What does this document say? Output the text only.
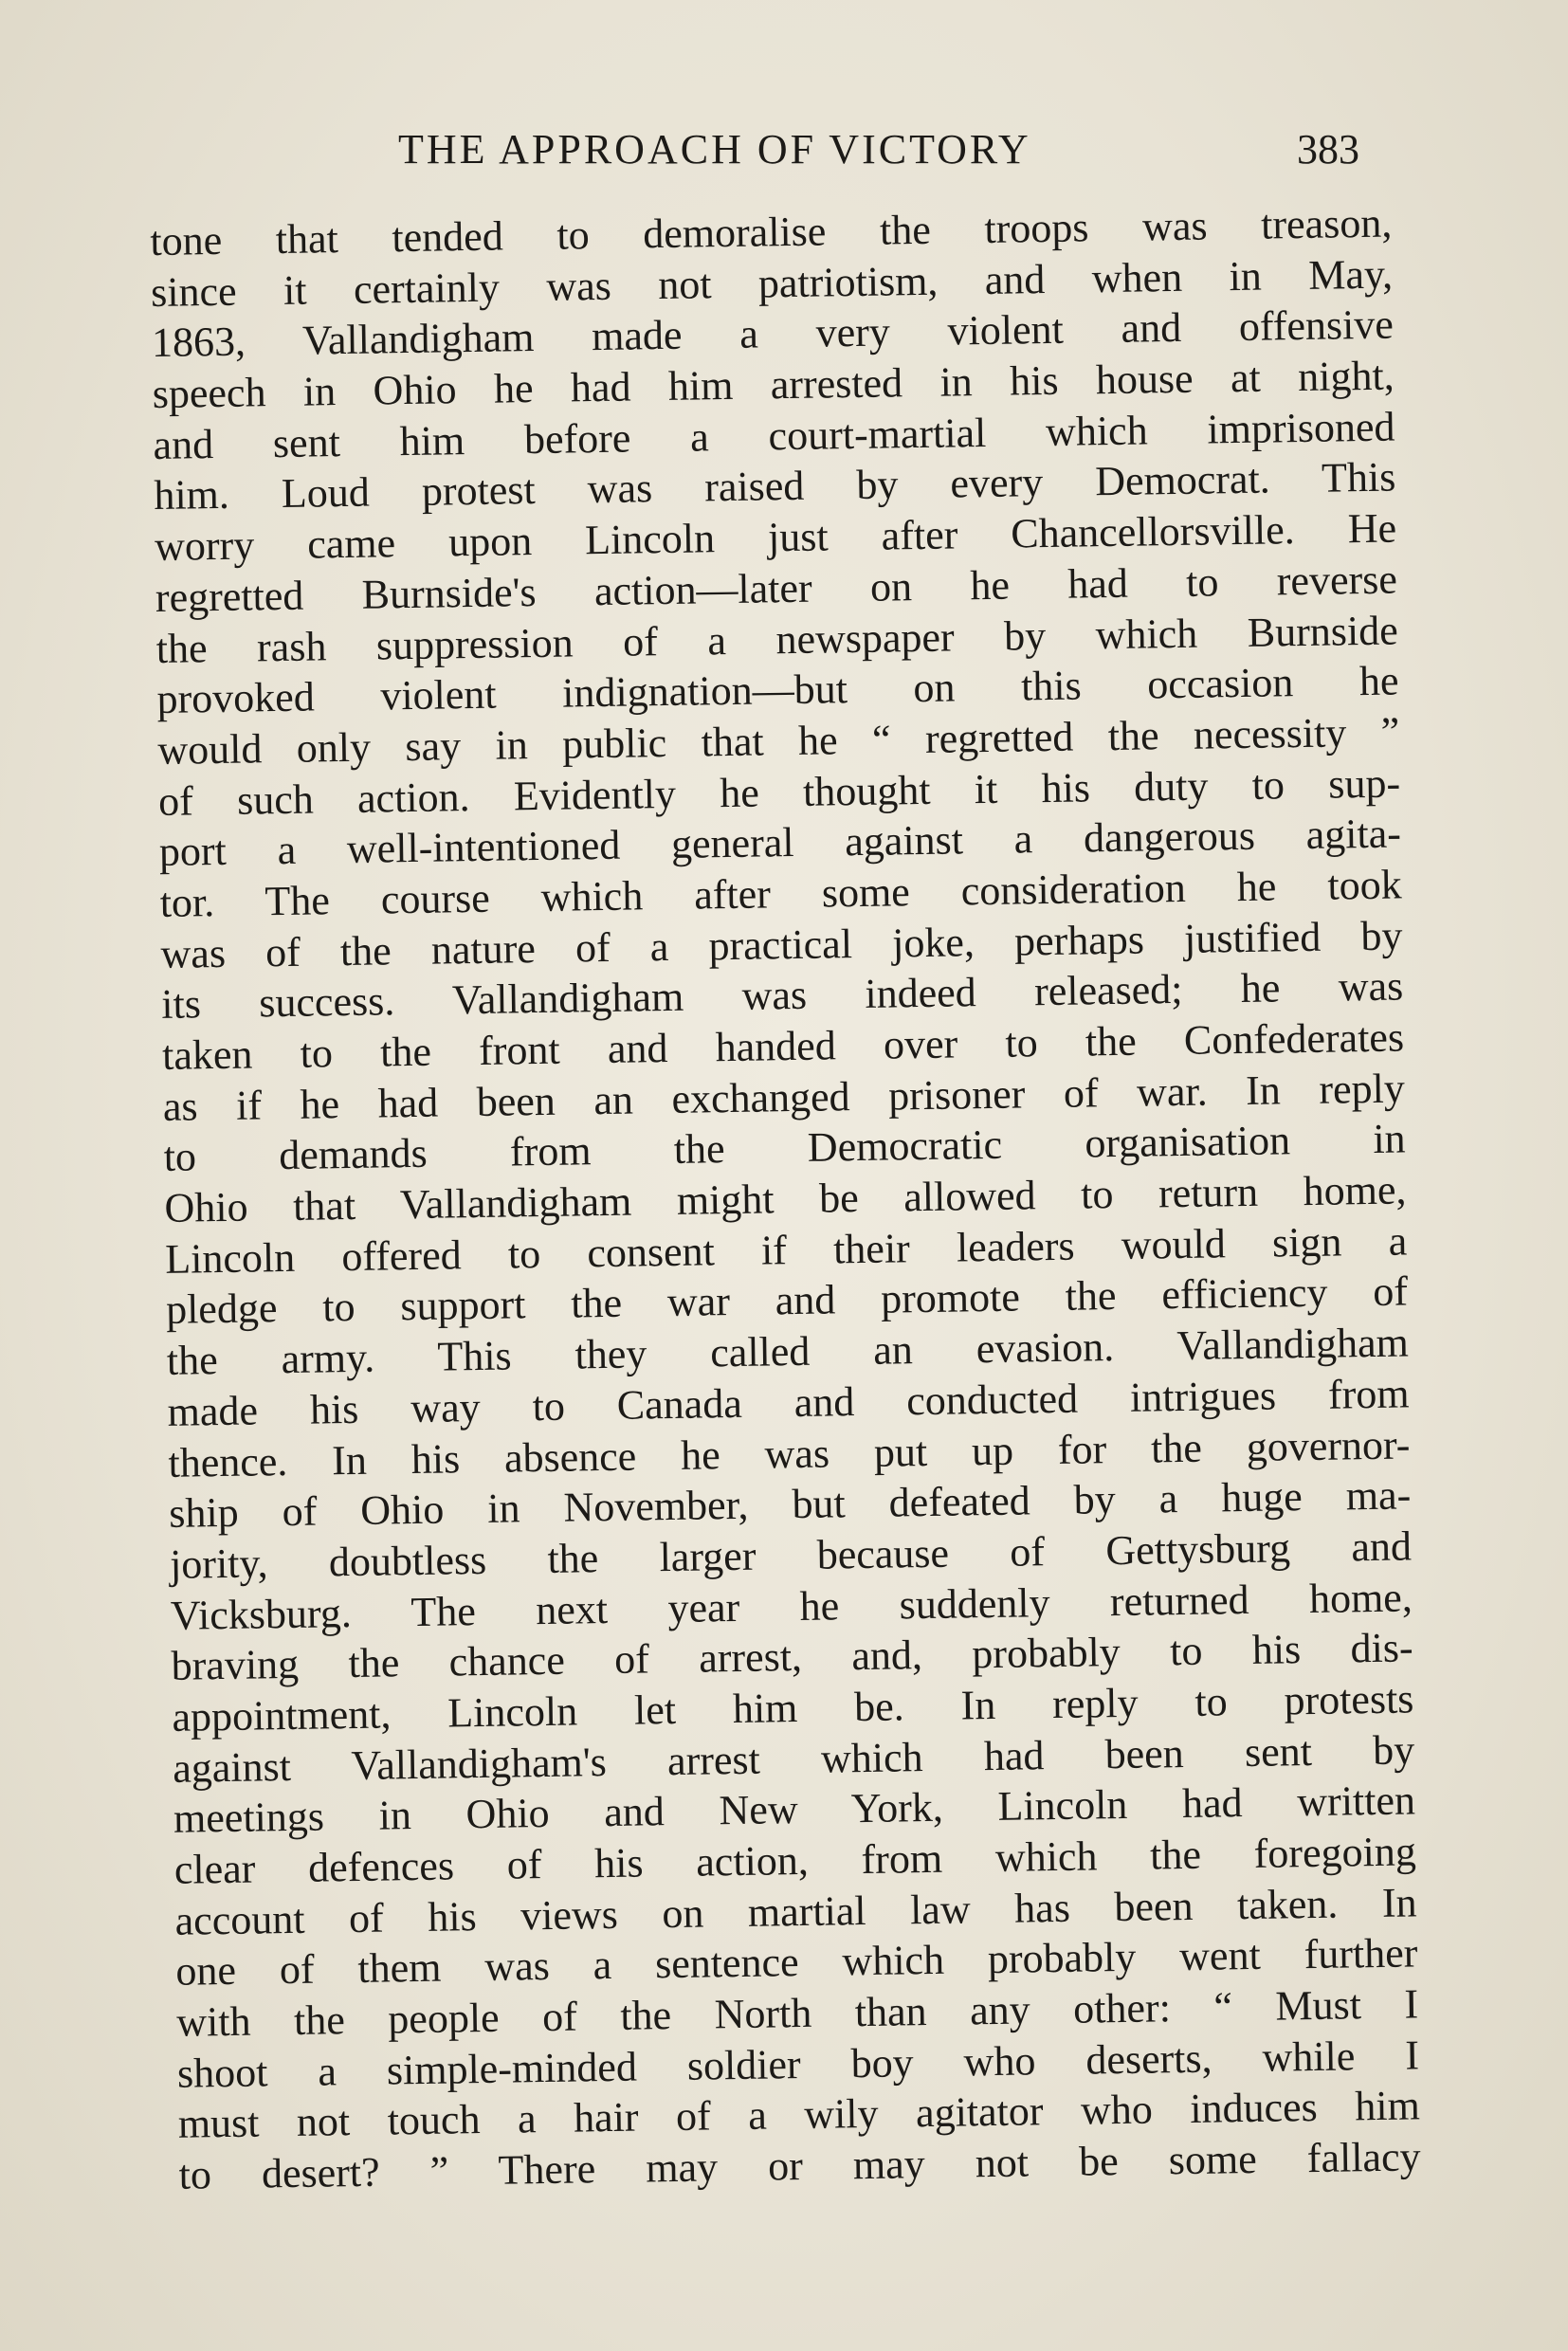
THE APPROACH OF VICTORY	383
tone that tended to demoralise the troops was treason,
since it certainly was not patriotism, and when in May,
1863, Vallandigham made a very violent and offensive
speech in Ohio he had him arrested in his house at night,
and sent him before a court-martial which imprisoned
him. Loud protest was raised by every Democrat. This
worry came upon Lincoln just after Chancellorsville. He
regretted Burnside's action—later on he had to reverse
the rash suppression of a newspaper by which Burnside
provoked violent indignation—but on this occasion he
would only say in public that he “ regretted the necessity ”
of such action. Evidently he thought it his duty to sup-
port a well-intentioned general against a dangerous agita-
tor. The course which after some consideration he took
was of the nature of a practical joke, perhaps justified by
its success. Vallandigham was indeed released; he was
taken to the front and handed over to the Confederates
as if he had been an exchanged prisoner of war. In reply
to demands from the Democratic organisation in
Ohio that Vallandigham might be allowed to return home,
Lincoln offered to consent if their leaders would sign a
pledge to support the war and promote the efficiency of
the army. This they called an evasion. Vallandigham
made his way to Canada and conducted intrigues from
thence. In his absence he was put up for the governor-
ship of Ohio in November, but defeated by a huge ma-
jority, doubtless the larger because of Gettysburg and
Vicksburg. The next year he suddenly returned home,
braving the chance of arrest, and, probably to his dis-
appointment, Lincoln let him be. In reply to protests
against Vallandigham's arrest which had been sent by
meetings in Ohio and New York, Lincoln had written
clear defences of his action, from which the foregoing
account of his views on martial law has been taken. In
one of them was a sentence which probably went further
with the people of the North than any other: “ Must I
shoot a simple-minded soldier boy who deserts, while I
must not touch a hair of a wily agitator who induces him
to desert? ” There may or may not be some fallacy
